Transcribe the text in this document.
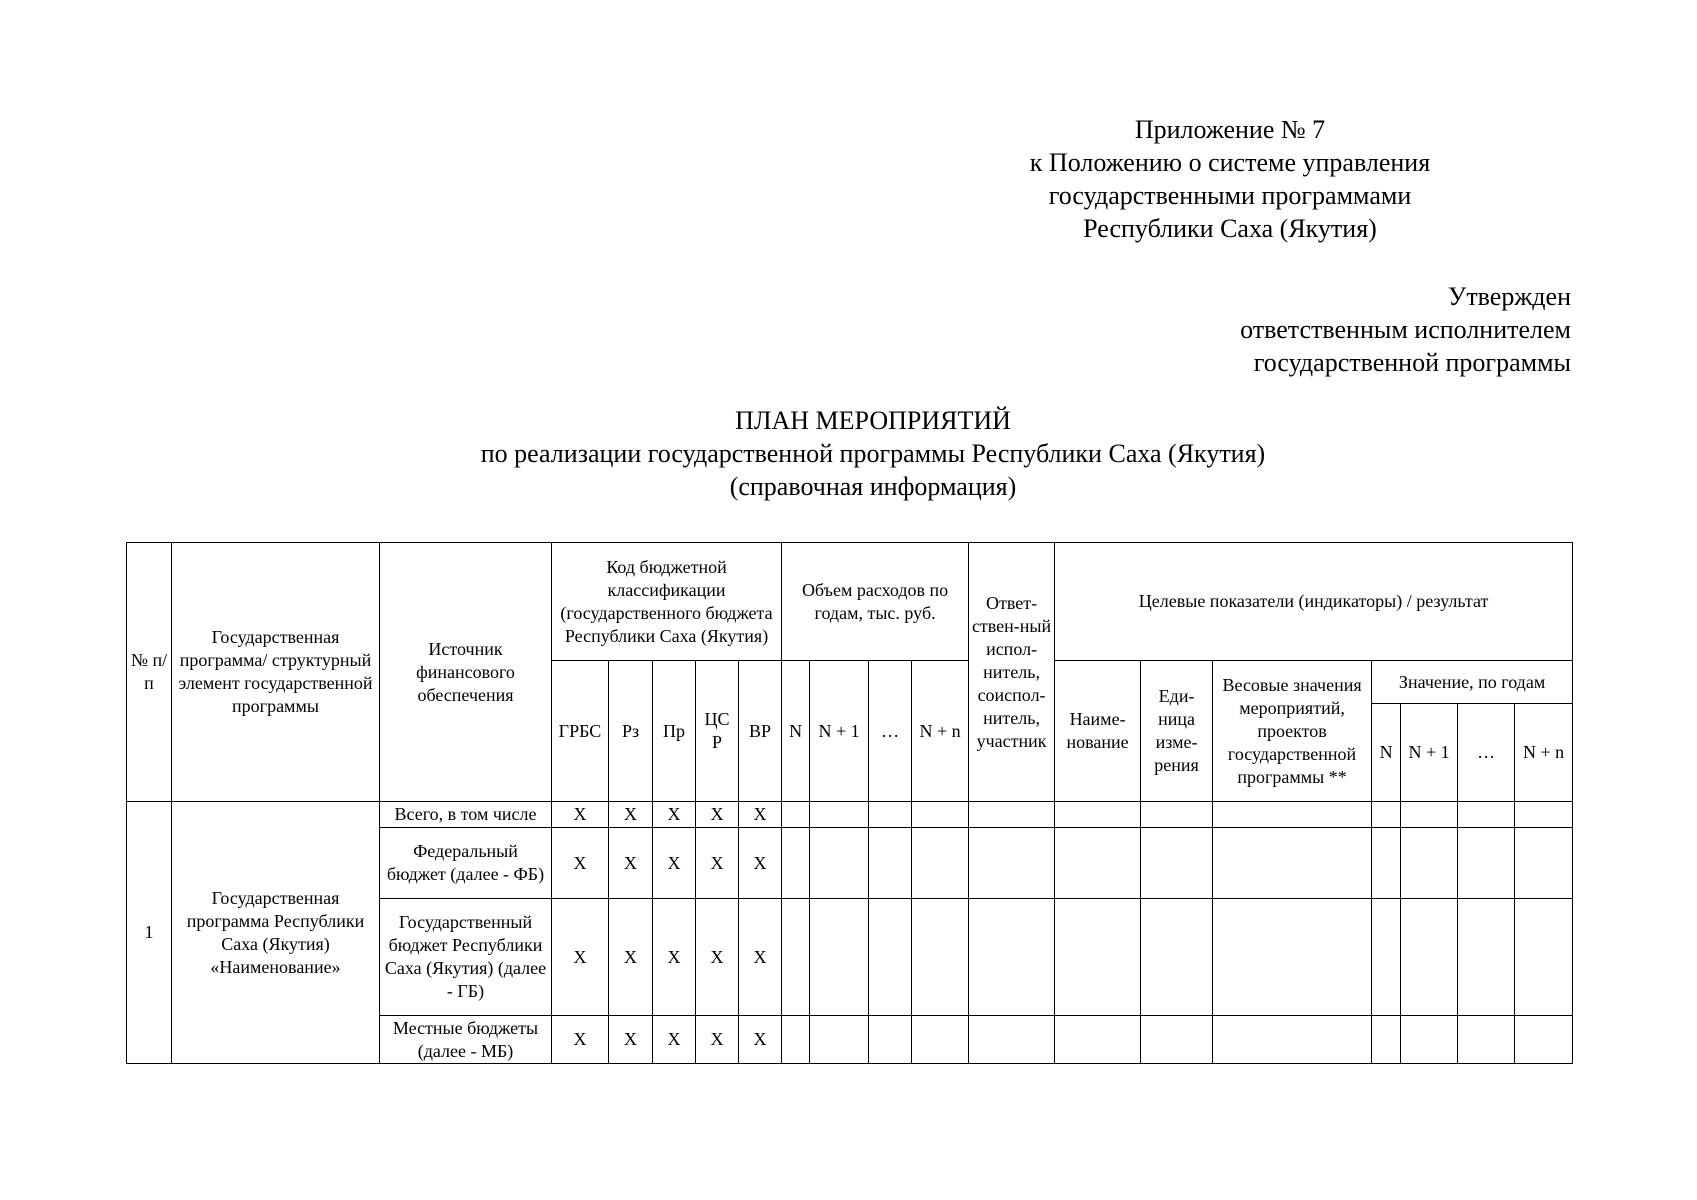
Приложение № 7
к Положению о системе управления
государственными программами
Республики Саха (Якутия)
Утвержден
ответственным исполнителем
государственной программы
ПЛАН МЕРОПРИЯТИЙ
по реализации государственной программы Республики Саха (Якутия)
(справочная информация)
№ п/п	Государственная программа/ структурный элемент государственной программы	Источник финансового обеспечения	Код бюджетной классификации (государственного бюджета Республики Саха (Якутия)					Объем расходов по годам, тыс. руб.				Ответ-ствен-ный испол-нитель, соиспол-нитель, участник	Целевые показатели (индикаторы) / результат						
			ГРБС	Рз	Пр	ЦС Р	ВР	N	N + 1	…	N + n		Наиме-нование	Еди-ница изме-рения	Весовые значения мероприятий, проектов государственной программы **	Значение, по годам			
																N	N + 1	…	N + n
1	Государственная программа Республики Саха (Якутия) «Наименование»	Всего, в том числе	X	X	X	X	X												
		Федеральный бюджет (далее - ФБ)	X	X	X	X	X												
		Государственный бюджет Республики Саха (Якутия) (далее - ГБ)	X	X	X	X	X												
		Местные бюджеты (далее - МБ)	X	X	X	X	X												
